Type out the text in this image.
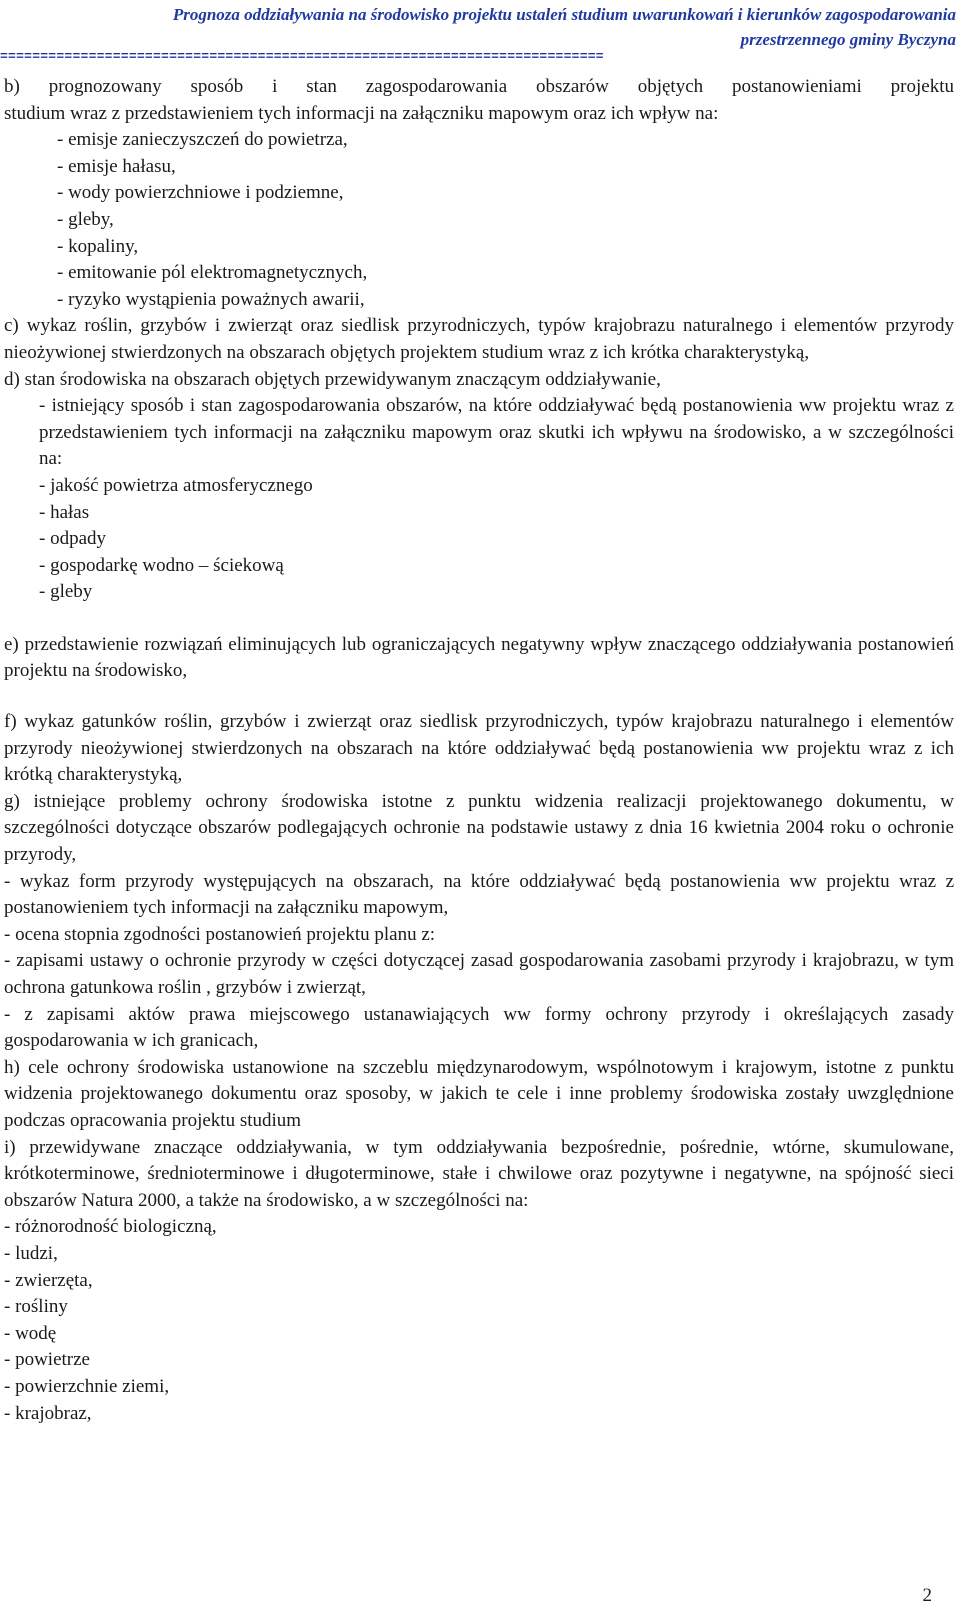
Prognoza oddziaływania na środowisko projektu ustaleń studium uwarunkowań i kierunków zagospodarowania
przestrzennego gminy Byczyna
===========================================================================

b) prognozowany sposób i stan zagospodarowania obszarów objętych postanowieniami projektu

studium wraz z przedstawieniem tych informacji na załączniku mapowym oraz ich wpływ na:

- emisje zanieczyszczeń do powietrza,

- emisje hałasu,

- wody powierzchniowe i podziemne,

- gleby,

- kopaliny,

- emitowanie pól elektromagnetycznych,

- ryzyko wystąpienia poważnych awarii,

c) wykaz roślin, grzybów i zwierząt oraz siedlisk przyrodniczych, typów krajobrazu naturalnego i elementów przyrody nieożywionej stwierdzonych na obszarach objętych projektem studium wraz z ich krótka charakterystyką,

d) stan środowiska na obszarach objętych przewidywanym znaczącym oddziaływanie,

- istniejący sposób i stan zagospodarowania obszarów, na które oddziaływać będą postanowienia ww projektu wraz z przedstawieniem tych informacji na załączniku mapowym oraz skutki ich wpływu na środowisko, a w szczególności na:

- jakość powietrza atmosferycznego

- hałas

- odpady

- gospodarkę wodno – ściekową

- gleby

e) przedstawienie rozwiązań eliminujących lub ograniczających negatywny wpływ znaczącego oddziaływania postanowień projektu na środowisko,

f) wykaz gatunków roślin, grzybów i zwierząt oraz siedlisk przyrodniczych, typów krajobrazu naturalnego i elementów przyrody nieożywionej stwierdzonych na obszarach na które oddziaływać będą postanowienia ww projektu wraz z ich krótką charakterystyką,

g) istniejące problemy ochrony środowiska istotne z punktu widzenia realizacji projektowanego dokumentu, w szczególności dotyczące obszarów podlegających ochronie na podstawie ustawy z dnia 16 kwietnia 2004 roku o ochronie przyrody,

- wykaz form przyrody występujących na obszarach, na które oddziaływać będą postanowienia ww projektu wraz z postanowieniem tych informacji na załączniku mapowym,

- ocena stopnia zgodności postanowień projektu planu z:

- zapisami ustawy o ochronie przyrody w części dotyczącej zasad gospodarowania zasobami przyrody i krajobrazu, w tym ochrona gatunkowa roślin , grzybów i zwierząt,

- z zapisami aktów prawa miejscowego ustanawiających ww formy ochrony przyrody i określających zasady gospodarowania w ich granicach,

h) cele ochrony środowiska ustanowione na szczeblu międzynarodowym, wspólnotowym i krajowym, istotne z punktu widzenia projektowanego dokumentu oraz sposoby, w jakich te cele i inne problemy środowiska zostały uwzględnione podczas opracowania projektu studium

i) przewidywane znaczące oddziaływania, w tym oddziaływania bezpośrednie, pośrednie, wtórne, skumulowane, krótkoterminowe, średnioterminowe i długoterminowe, stałe i chwilowe oraz pozytywne i negatywne, na spójność sieci obszarów Natura 2000, a także na środowisko, a w szczególności na:

- różnorodność biologiczną,

- ludzi,

- zwierzęta,

- rośliny

- wodę

- powietrze

- powierzchnie ziemi,

- krajobraz,

2
